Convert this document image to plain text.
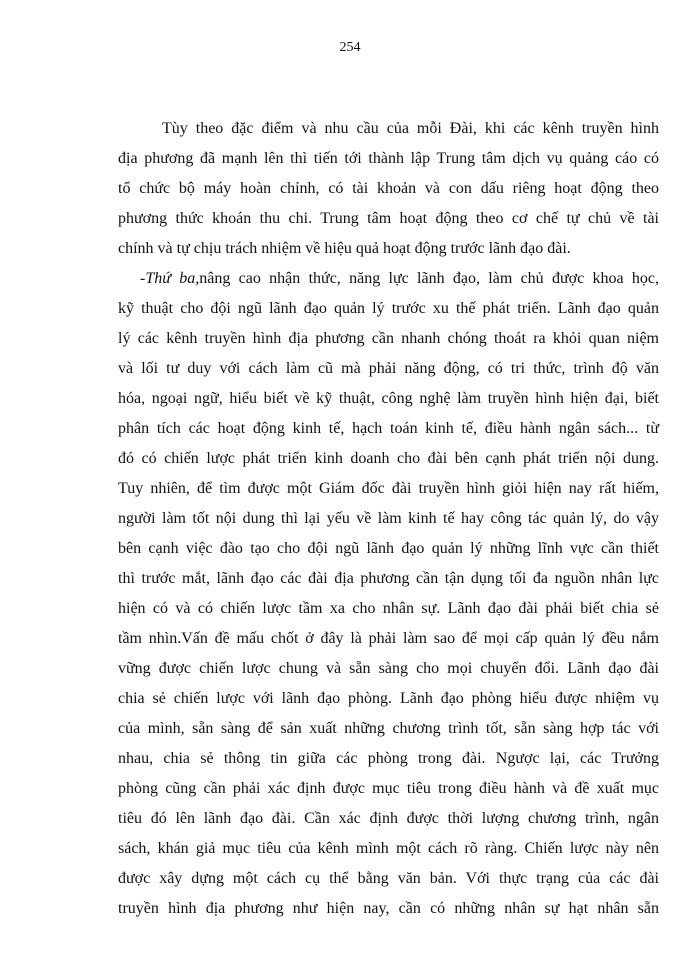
254
Tùy theo đặc điểm và nhu cầu của mỗi Đài, khi các kênh truyền hình
địa phương đã mạnh lên thì tiến tới thành lập Trung tâm dịch vụ quảng cáo có
tổ chức bộ máy hoàn chỉnh, có tài khoản và con dấu riêng hoạt động theo
phương thức khoán thu chi. Trung tâm hoạt động theo cơ chế tự chủ về tài
chính và tự chịu trách nhiệm về hiệu quả hoạt động trước lãnh đạo đài.
-Thứ ba,nâng cao nhận thức, năng lực lãnh đạo, làm chủ được khoa học,
kỹ thuật cho đội ngũ lãnh đạo quản lý trước xu thế phát triển. Lãnh đạo quản
lý các kênh truyền hình địa phương cần nhanh chóng thoát ra khỏi quan niệm
và lối tư duy với cách làm cũ mà phải năng động, có tri thức, trình độ văn
hóa, ngoại ngữ, hiểu biết về kỹ thuật, công nghệ làm truyền hình hiện đại, biết
phân tích các hoạt động kinh tế, hạch toán kinh tế, điều hành ngân sách... từ
đó có chiến lược phát triển kinh doanh cho đài bên cạnh phát triển nội dung.
Tuy nhiên, để tìm được một Giám đốc đài truyền hình giỏi hiện nay rất hiếm,
người làm tốt nội dung thì lại yếu về làm kinh tế hay công tác quản lý, do vậy
bên cạnh việc đào tạo cho đội ngũ lãnh đạo quản lý những lĩnh vực cần thiết
thì trước mắt, lãnh đạo các đài địa phương cần tận dụng tối đa nguồn nhân lực
hiện có và có chiến lược tầm xa cho nhân sự. Lãnh đạo đài phải biết chia sẻ
tầm nhìn.Vấn đề mấu chốt ở đây là phải làm sao để mọi cấp quản lý đều nắm
vững được chiến lược chung và sẵn sàng cho mọi chuyển đổi. Lãnh đạo đài
chia sẻ chiến lược với lãnh đạo phòng. Lãnh đạo phòng hiểu được nhiệm vụ
của mình, sẵn sàng để sản xuất những chương trình tốt, sẵn sàng hợp tác với
nhau, chia sẻ thông tin giữa các phòng trong đài. Ngược lại, các Trưởng
phòng cũng cần phải xác định được mục tiêu trong điều hành và đề xuất mục
tiêu đó lên lãnh đạo đài. Cần xác định được thời lượng chương trình, ngân
sách, khán giả mục tiêu của kênh mình một cách rõ ràng. Chiến lược này nên
được xây dựng một cách cụ thể bằng văn bản. Với thực trạng của các đài
truyền hình địa phương như hiện nay, cần có những nhân sự hạt nhân sẵn
